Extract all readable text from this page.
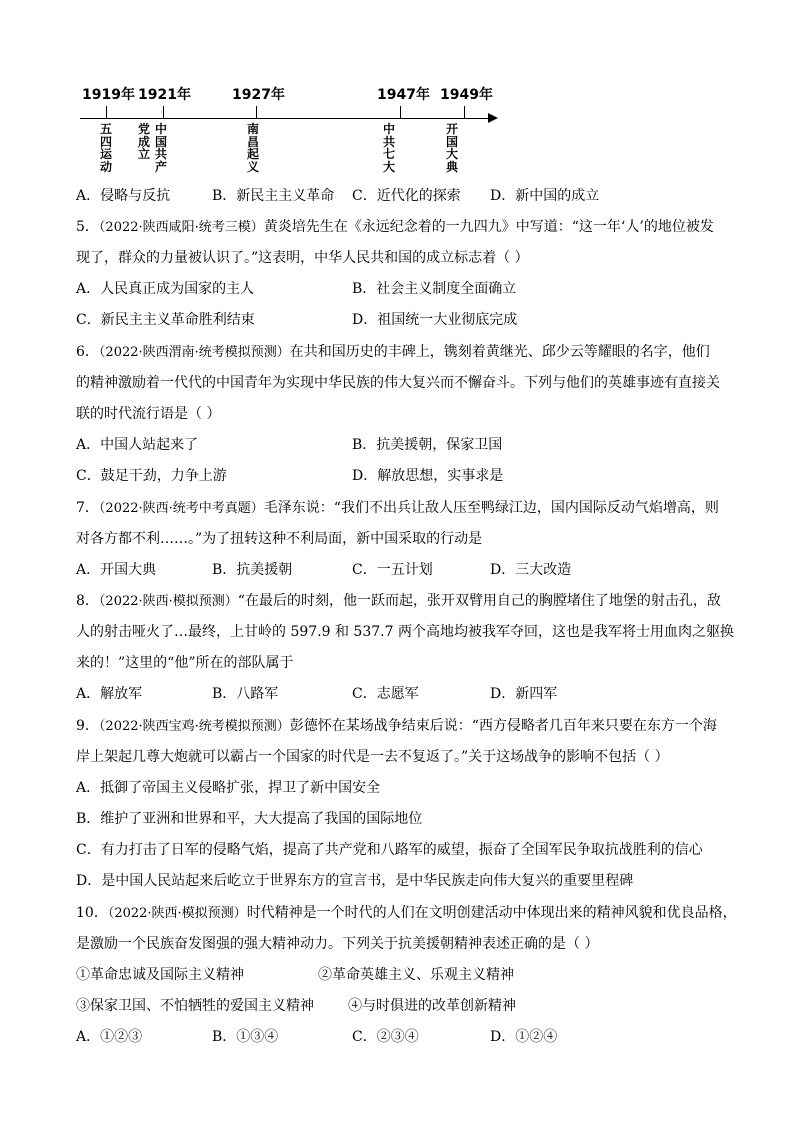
1919年 1921年	1927年	1947年 1949年
五四运动
党成立
中国共产
南昌起义
中共七大
开国大典
A．侵略与反抗	B．新民主主义革命 C．近代化的探索 D．新中国的成立
5．（2022·陕西咸阳·统考三模）黄炎培先生在《永远纪念着的一九四九》中写道：“这一年‘人’的地位被发
现了，群众的力量被认识了。”这表明，中华人民共和国的成立标志着（ ）
A．人民真正成为国家的主人	B．社会主义制度全面确立
C．新民主主义革命胜利结束	D．祖国统一大业彻底完成
6．（2022·陕西渭南·统考模拟预测）在共和国历史的丰碑上，镌刻着黄继光、邱少云等耀眼的名字，他们
的精神激励着一代代的中国青年为实现中华民族的伟大复兴而不懈奋斗。下列与他们的英雄事迹有直接关
联的时代流行语是（ ）
A．中国人站起来了	B．抗美援朝，保家卫国
C．鼓足干劲，力争上游	D．解放思想，实事求是
7．（2022·陕西·统考中考真题）毛泽东说：“我们不出兵让敌人压至鸭绿江边，国内国际反动气焰增高，则
对各方都不利……。”为了扭转这种不利局面，新中国采取的行动是
A．开国大典	B．抗美援朝	C．一五计划	D．三大改造
8．（2022·陕西·模拟预测）“在最后的时刻，他一跃而起，张开双臂用自己的胸膛堵住了地堡的射击孔，敌
人的射击哑火了…最终，上甘岭的 597.9 和 537.7 两个高地均被我军夺回，这也是我军将士用血肉之躯换
来的！”这里的“他”所在的部队属于
A．解放军	B．八路军	C．志愿军	D．新四军
9．（2022·陕西宝鸡·统考模拟预测）彭德怀在某场战争结束后说：“西方侵略者几百年来只要在东方一个海
岸上架起几尊大炮就可以霸占一个国家的时代是一去不复返了。”关于这场战争的影响不包括（ ）
A．抵御了帝国主义侵略扩张，捍卫了新中国安全
B．维护了亚洲和世界和平，大大提高了我国的国际地位
C．有力打击了日军的侵略气焰，提高了共产党和八路军的威望，振奋了全国军民争取抗战胜利的信心
D．是中国人民站起来后屹立于世界东方的宣言书，是中华民族走向伟大复兴的重要里程碑
10．（2022·陕西·模拟预测）时代精神是一个时代的人们在文明创建活动中体现出来的精神风貌和优良品格，
是激励一个民族奋发图强的强大精神动力。下列关于抗美援朝精神表述正确的是（ ）
①革命忠诚及国际主义精神	②革命英雄主义、乐观主义精神
③保家卫国、不怕牺牲的爱国主义精神 ④与时俱进的改革创新精神
A．①②③	B．①③④	C．②③④	D．①②④
